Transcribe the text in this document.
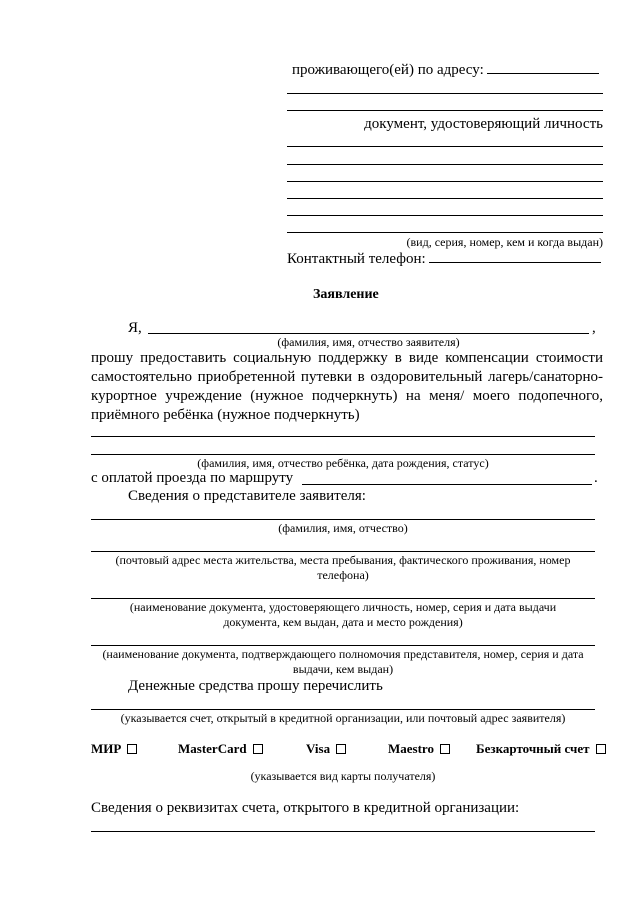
проживающего(ей) по адресу:
документ, удостоверяющий личность
(вид, серия, номер, кем и когда выдан)
Контактный телефон:
Заявление
Я,	,
(фамилия, имя, отчество заявителя)
прошу предоставить социальную поддержку в виде компенсации стоимости самостоятельно приобретенной путевки в оздоровительный лагерь/санаторно-курортное учреждение (нужное подчеркнуть) на меня/ моего подопечного, приёмного ребёнка (нужное подчеркнуть)
(фамилия, имя, отчество ребёнка, дата рождения, статус)
с оплатой проезда по маршруту	.
Сведения о представителе заявителя:
(фамилия, имя, отчество)
(почтовый адрес места жительства, места пребывания, фактического проживания, номер телефона)
(наименование документа, удостоверяющего личность, номер, серия и дата выдачи документа, кем выдан, дата и место рождения)
(наименование документа, подтверждающего полномочия представителя, номер, серия и дата выдачи, кем выдан)
Денежные средства прошу перечислить
(указывается счет, открытый в кредитной организации, или почтовый адрес заявителя)
МИР	MasterCard	Visa	Maestro	Безкарточный счет
(указывается вид карты получателя)
Сведения о реквизитах счета, открытого в кредитной организации:
